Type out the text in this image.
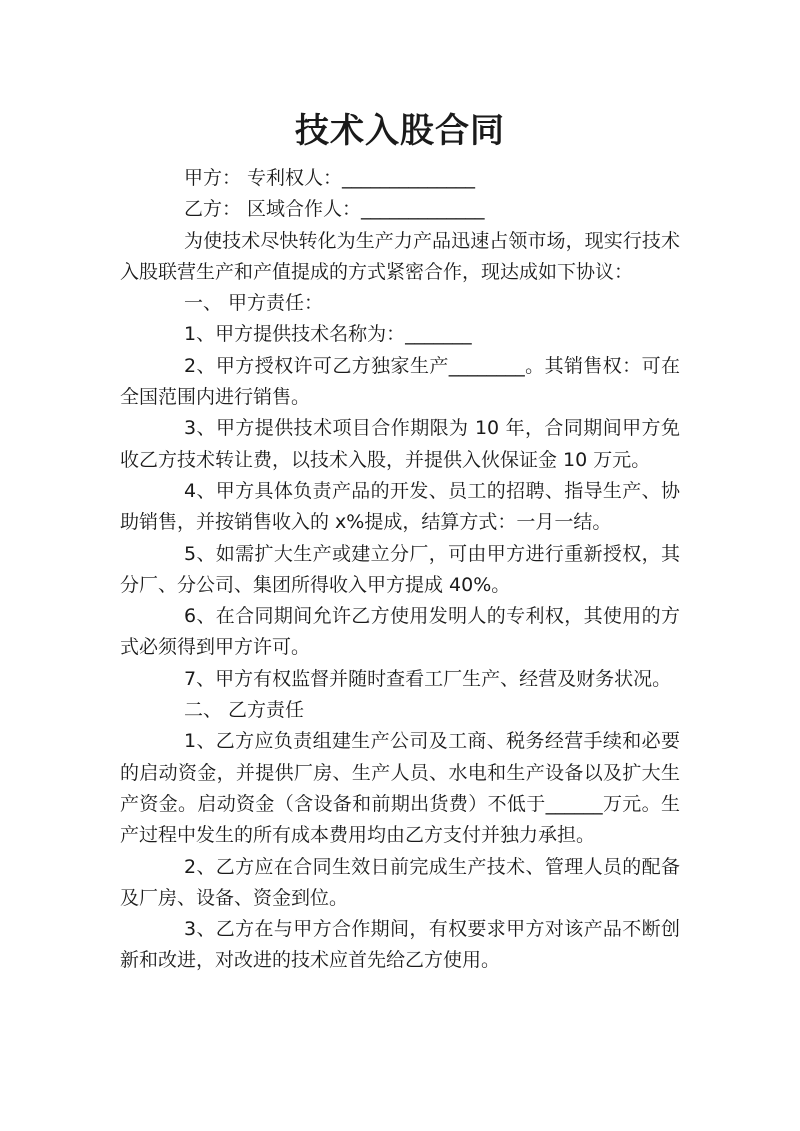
技术入股合同

甲方： 专利权人：______________

乙方： 区域合作人：_____________

为使技术尽快转化为生产力产品迅速占领市场，现实行技术入股联营生产和产值提成的方式紧密合作，现达成如下协议：

一、 甲方责任：

1、甲方提供技术名称为：_______

2、甲方授权许可乙方独家生产________。其销售权：可在全国范围内进行销售。

3、甲方提供技术项目合作期限为 10 年，合同期间甲方免收乙方技术转让费，以技术入股，并提供入伙保证金 10 万元。

4、甲方具体负责产品的开发、员工的招聘、指导生产、协助销售，并按销售收入的 x%提成，结算方式：一月一结。

5、如需扩大生产或建立分厂，可由甲方进行重新授权，其分厂、分公司、集团所得收入甲方提成 40%。

6、在合同期间允许乙方使用发明人的专利权，其使用的方式必须得到甲方许可。

7、甲方有权监督并随时查看工厂生产、经营及财务状况。

二、 乙方责任

1、乙方应负责组建生产公司及工商、税务经营手续和必要的启动资金，并提供厂房、生产人员、水电和生产设备以及扩大生产资金。启动资金（含设备和前期出货费）不低于______万元。生产过程中发生的所有成本费用均由乙方支付并独力承担。

2、乙方应在合同生效日前完成生产技术、管理人员的配备及厂房、设备、资金到位。

3、乙方在与甲方合作期间，有权要求甲方对该产品不断创新和改进，对改进的技术应首先给乙方使用。
